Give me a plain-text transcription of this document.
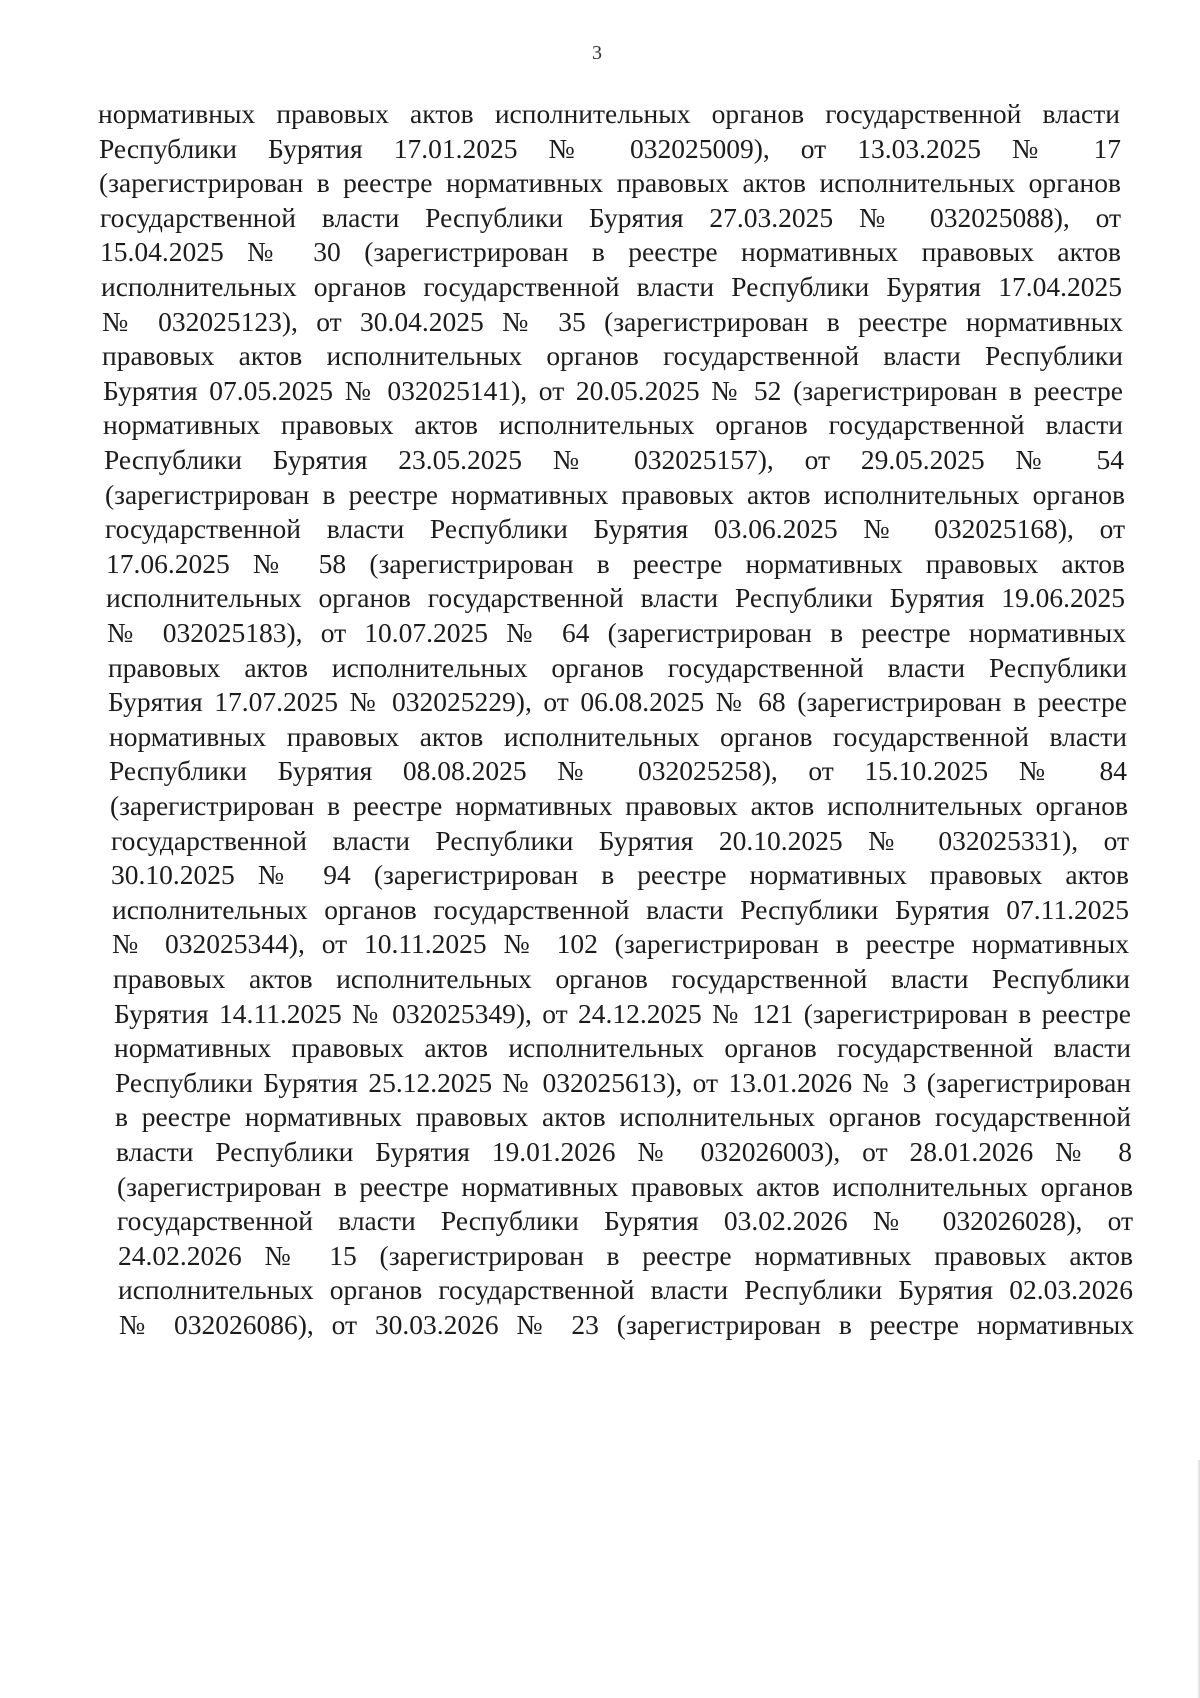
3
нормативных правовых актов исполнительных органов государственной власти
Республики Бурятия 17.01.2025 № 032025009), от 13.03.2025 № 17
(зарегистрирован в реестре нормативных правовых актов исполнительных органов
государственной власти Республики Бурятия 27.03.2025 № 032025088), от
15.04.2025 № 30 (зарегистрирован в реестре нормативных правовых актов
исполнительных органов государственной власти Республики Бурятия 17.04.2025
№ 032025123), от 30.04.2025 № 35 (зарегистрирован в реестре нормативных
правовых актов исполнительных органов государственной власти Республики
Бурятия 07.05.2025 № 032025141), от 20.05.2025 № 52 (зарегистрирован в реестре
нормативных правовых актов исполнительных органов государственной власти
Республики Бурятия 23.05.2025 № 032025157), от 29.05.2025 № 54
(зарегистрирован в реестре нормативных правовых актов исполнительных органов
государственной власти Республики Бурятия 03.06.2025 № 032025168), от
17.06.2025 № 58 (зарегистрирован в реестре нормативных правовых актов
исполнительных органов государственной власти Республики Бурятия 19.06.2025
№ 032025183), от 10.07.2025 № 64 (зарегистрирован в реестре нормативных
правовых актов исполнительных органов государственной власти Республики
Бурятия 17.07.2025 № 032025229), от 06.08.2025 № 68 (зарегистрирован в реестре
нормативных правовых актов исполнительных органов государственной власти
Республики Бурятия 08.08.2025 № 032025258), от 15.10.2025 № 84
(зарегистрирован в реестре нормативных правовых актов исполнительных органов
государственной власти Республики Бурятия 20.10.2025 № 032025331), от
30.10.2025 № 94 (зарегистрирован в реестре нормативных правовых актов
исполнительных органов государственной власти Республики Бурятия 07.11.2025
№ 032025344), от 10.11.2025 № 102 (зарегистрирован в реестре нормативных
правовых актов исполнительных органов государственной власти Республики
Бурятия 14.11.2025 № 032025349), от 24.12.2025 № 121 (зарегистрирован в реестре
нормативных правовых актов исполнительных органов государственной власти
Республики Бурятия 25.12.2025 № 032025613), от 13.01.2026 № 3 (зарегистрирован
в реестре нормативных правовых актов исполнительных органов государственной
власти Республики Бурятия 19.01.2026 № 032026003), от 28.01.2026 № 8
(зарегистрирован в реестре нормативных правовых актов исполнительных органов
государственной власти Республики Бурятия 03.02.2026 № 032026028), от
24.02.2026 № 15 (зарегистрирован в реестре нормативных правовых актов
исполнительных органов государственной власти Республики Бурятия 02.03.2026
№ 032026086), от 30.03.2026 № 23 (зарегистрирован в реестре нормативных
